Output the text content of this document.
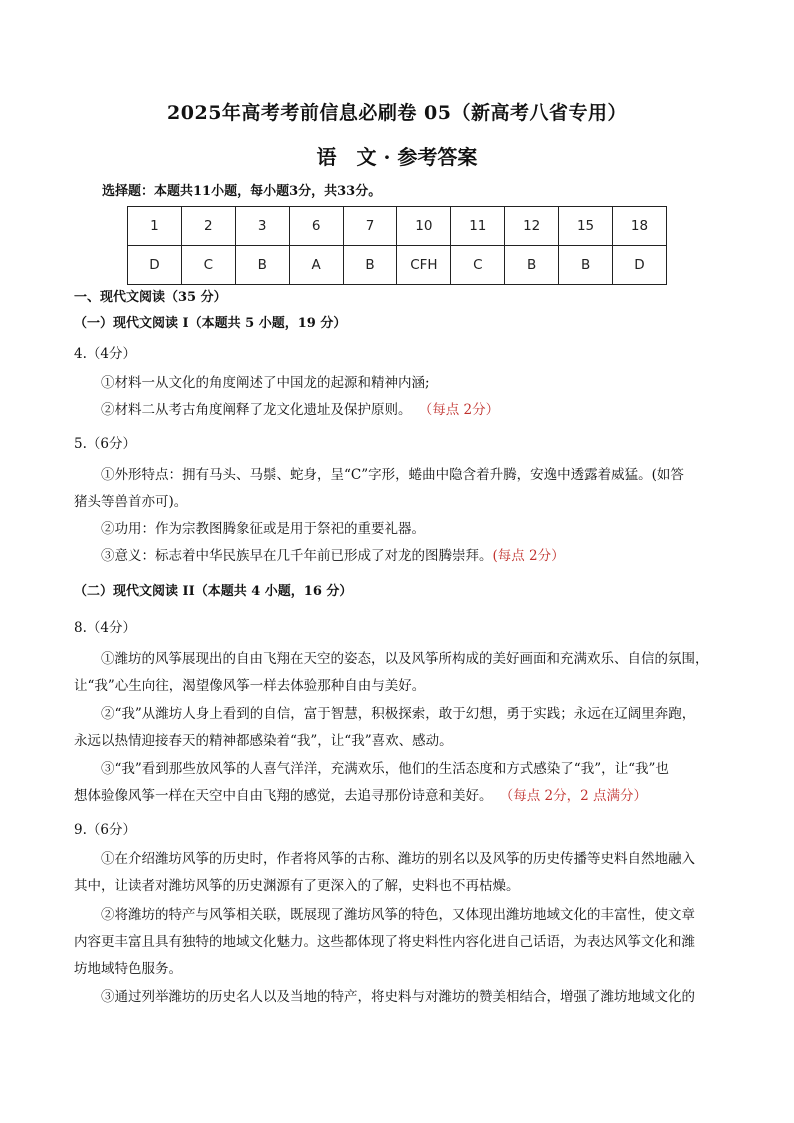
2025年高考考前信息必刷卷 05（新高考八省专用）
语　文 · 参考答案
选择题：本题共11小题，每小题3分，共33分。
1	2	3	6	7	10	11	12	15	18
D	C	B	A	B	CFH	C	B	B	D
一、现代文阅读（35 分）
（一）现代文阅读 I（本题共 5 小题，19 分）
4.（4分）
①材料一从文化的角度阐述了中国龙的起源和精神内涵;
②材料二从考古角度阐释了龙文化遗址及保护原则。 （每点 2分）
5.（6分）
①外形特点：拥有马头、马鬃、蛇身，呈“C”字形，蜷曲中隐含着升腾，安逸中透露着威猛。(如答
猪头等兽首亦可)。
②功用：作为宗教图腾象征或是用于祭祀的重要礼器。
③意义：标志着中华民族早在几千年前已形成了对龙的图腾崇拜。(每点 2分）
（二）现代文阅读 II（本题共 4 小题，16 分）
8.（4分）
①潍坊的风筝展现出的自由飞翔在天空的姿态，以及风筝所构成的美好画面和充满欢乐、自信的氛围，
让“我”心生向往，渴望像风筝一样去体验那种自由与美好。
②“我”从潍坊人身上看到的自信，富于智慧，积极探索，敢于幻想，勇于实践；永远在辽阔里奔跑，
永远以热情迎接春天的精神都感染着“我”，让“我”喜欢、感动。
③“我”看到那些放风筝的人喜气洋洋，充满欢乐，他们的生活态度和方式感染了“我”，让“我”也
想体验像风筝一样在天空中自由飞翔的感觉，去追寻那份诗意和美好。 （每点 2分，2 点满分）
9.（6分）
①在介绍潍坊风筝的历史时，作者将风筝的古称、潍坊的别名以及风筝的历史传播等史料自然地融入
其中，让读者对潍坊风筝的历史渊源有了更深入的了解，史料也不再枯燥。
②将潍坊的特产与风筝相关联，既展现了潍坊风筝的特色，又体现出潍坊地域文化的丰富性，使文章
内容更丰富且具有独特的地域文化魅力。这些都体现了将史料性内容化进自己话语，为表达风筝文化和潍
坊地域特色服务。
③通过列举潍坊的历史名人以及当地的特产，将史料与对潍坊的赞美相结合，增强了潍坊地域文化的
